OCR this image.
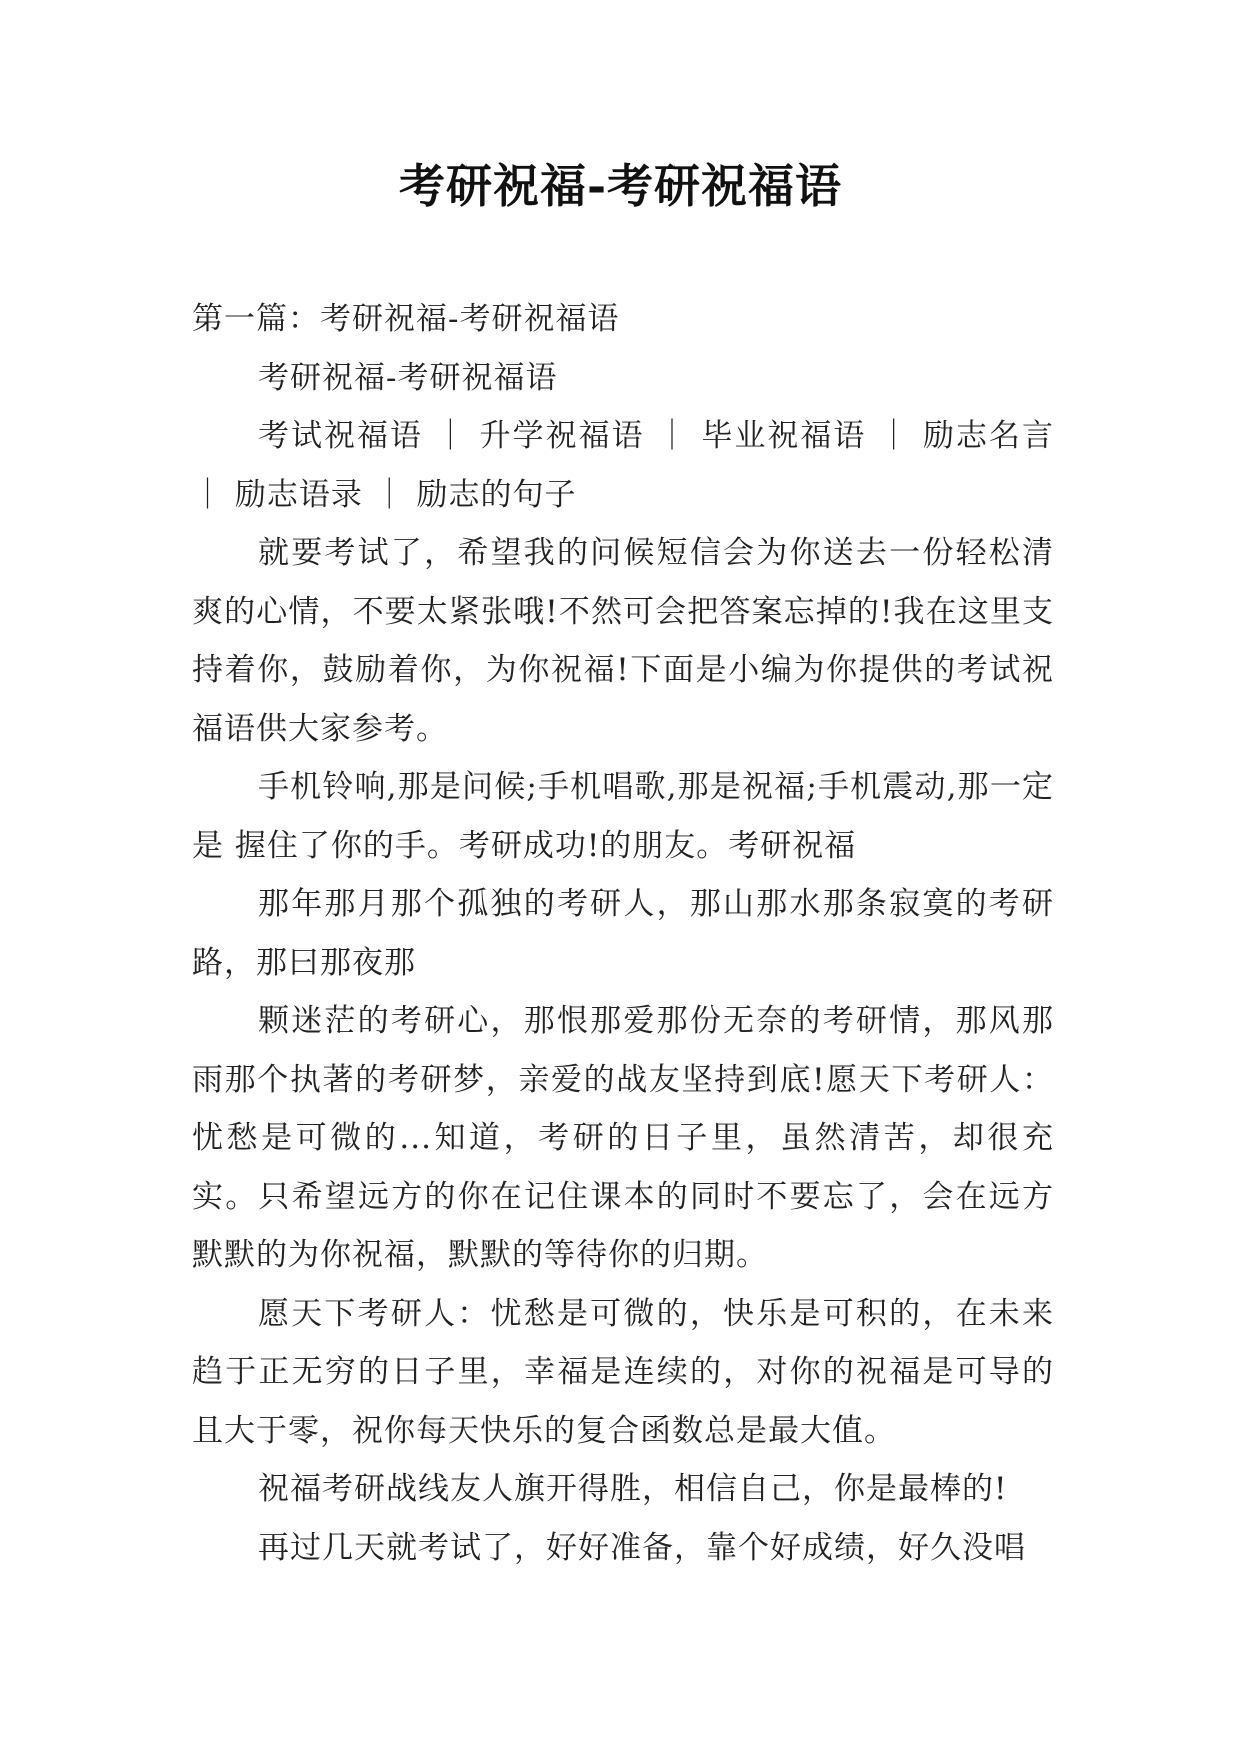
考研祝福-考研祝福语

第一篇：考研祝福-考研祝福语

考研祝福-考研祝福语

考试祝福语 ｜ 升学祝福语 ｜ 毕业祝福语 ｜ 励志名言 ｜ 励志语录 ｜ 励志的句子

就要考试了，希望我的问候短信会为你送去一份轻松清爽的心情，不要太紧张哦!不然可会把答案忘掉的!我在这里支持着你，鼓励着你，为你祝福!下面是小编为你提供的考试祝福语供大家参考。

手机铃响,那是问候;手机唱歌,那是祝福;手机震动,那一定是 握住了你的手。考研成功!的朋友。考研祝福

那年那月那个孤独的考研人，那山那水那条寂寞的考研路，那曰那夜那

颗迷茫的考研心，那恨那爱那份无奈的考研情，那风那雨那个执著的考研梦，亲爱的战友坚持到底!愿天下考研人：忧愁是可微的...知道，考研的日子里，虽然清苦，却很充实。只希望远方的你在记住课本的同时不要忘了，会在远方默默的为你祝福，默默的等待你的归期。

愿天下考研人：忧愁是可微的，快乐是可积的，在未来趋于正无穷的日子里，幸福是连续的，对你的祝福是可导的且大于零，祝你每天快乐的复合函数总是最大值。

祝福考研战线友人旗开得胜，相信自己，你是最棒的!

再过几天就考试了，好好准备，靠个好成绩，好久没唱
